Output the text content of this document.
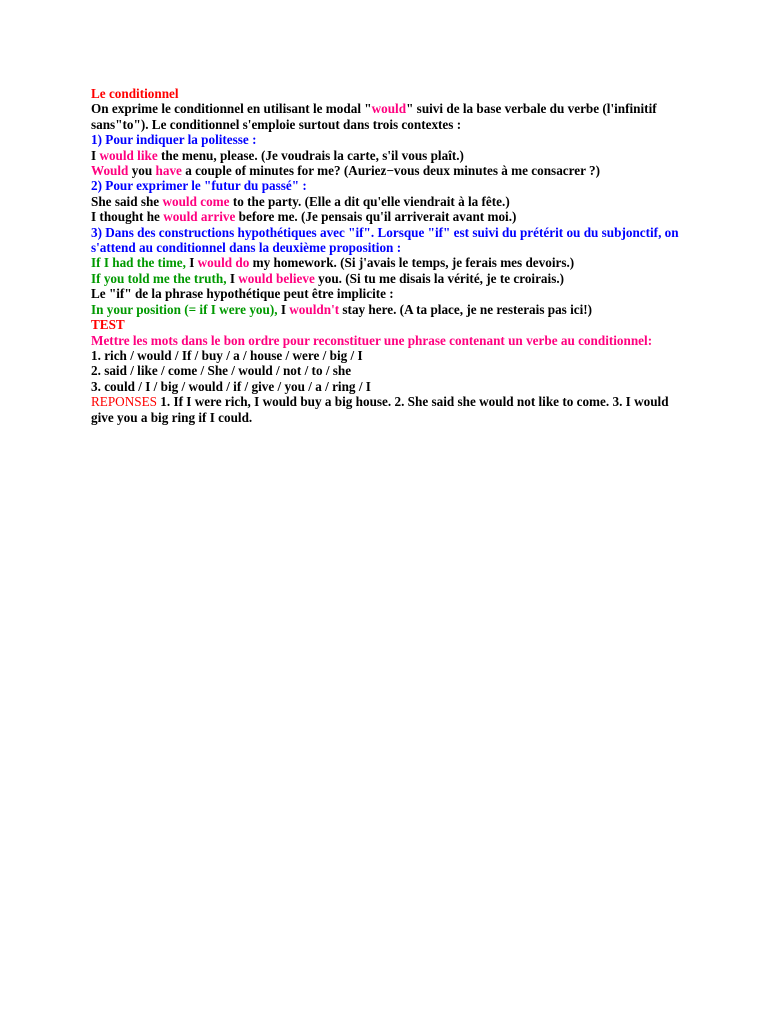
Le conditionnel
On exprime le conditionnel en utilisant le modal "would" suivi de la base verbale du verbe (l'infinitif sans"to"). Le conditionnel s'emploie surtout dans trois contextes :
1) Pour indiquer la politesse :
I would like the menu, please. (Je voudrais la carte, s'il vous plaît.)
Would you have a couple of minutes for me? (Auriez−vous deux minutes à me consacrer ?)
2) Pour exprimer le "futur du passé" :
She said she would come to the party. (Elle a dit qu'elle viendrait à la fête.)
I thought he would arrive before me. (Je pensais qu'il arriverait avant moi.)
3) Dans des constructions hypothétiques avec "if". Lorsque "if" est suivi du prétérit ou du subjonctif, on
s'attend au conditionnel dans la deuxième proposition :
If I had the time, I would do my homework. (Si j'avais le temps, je ferais mes devoirs.)
If you told me the truth, I would believe you. (Si tu me disais la vérité, je te croirais.)
Le "if" de la phrase hypothétique peut être implicite :
In your position (= if I were you), I wouldn't stay here. (A ta place, je ne resterais pas ici!)
TEST
Mettre les mots dans le bon ordre pour reconstituer une phrase contenant un verbe au conditionnel:
1. rich / would / If / buy / a / house / were / big / I
2. said / like / come / She / would / not / to / she
3. could / I / big / would / if / give / you / a / ring / I
REPONSES 1. If I were rich, I would buy a big house. 2. She said she would not like to come. 3. I would give you a big ring if I could.
